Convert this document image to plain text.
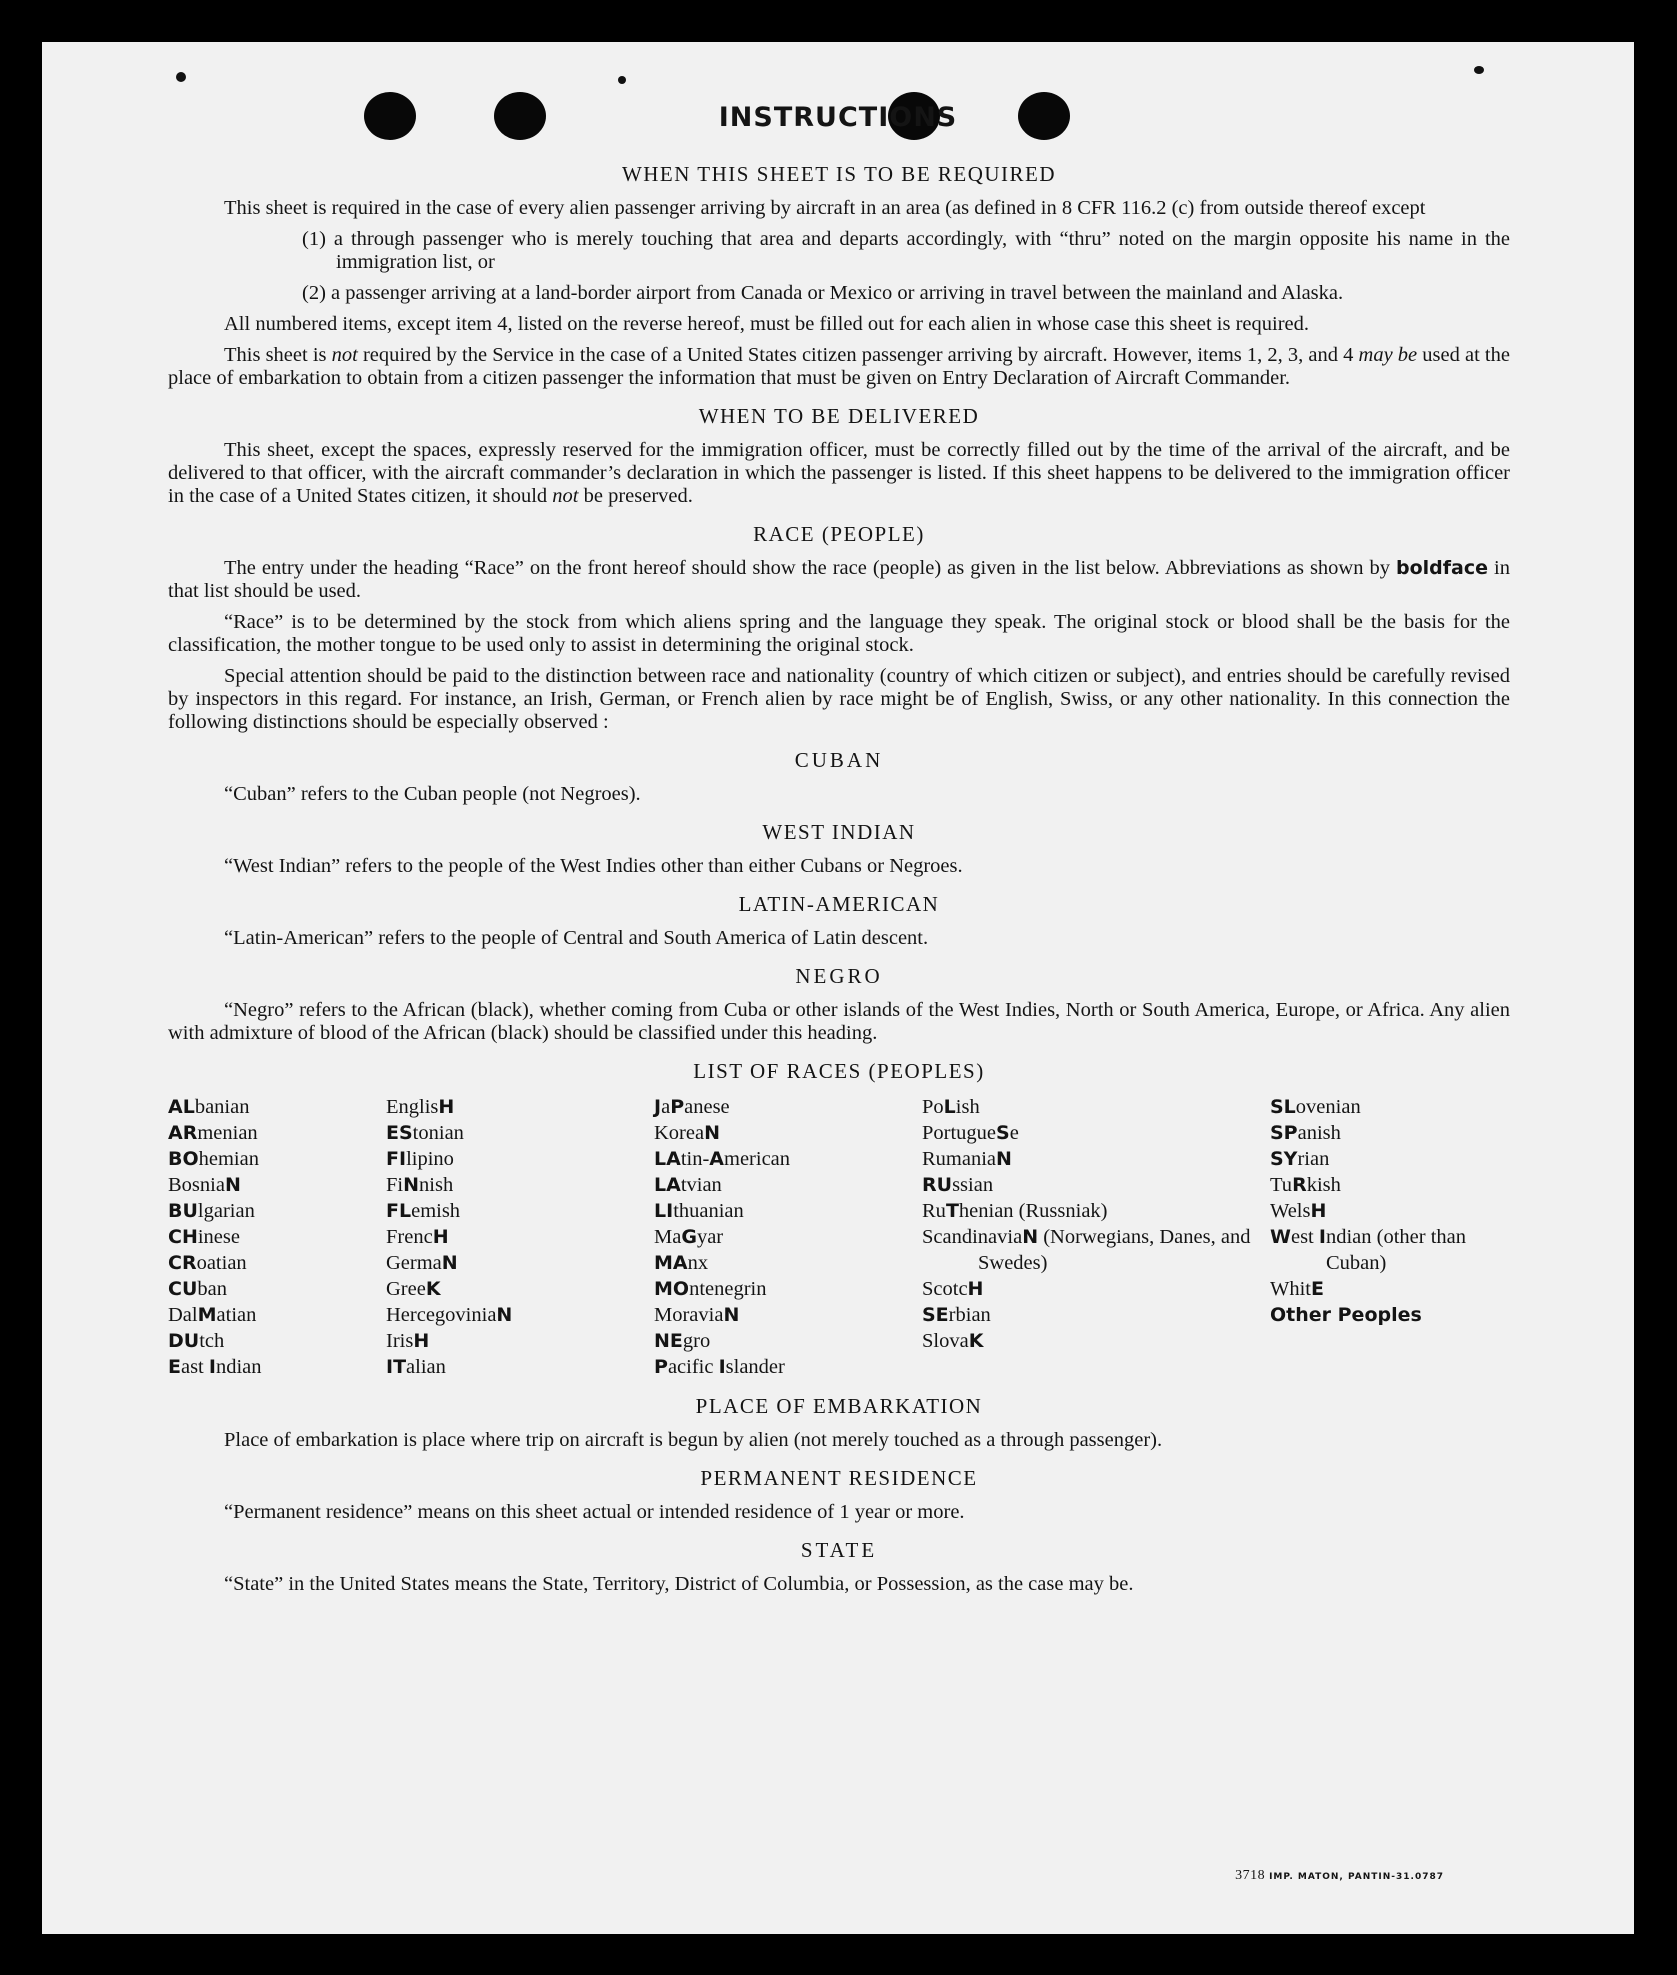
INSTRUCTIONS
WHEN THIS SHEET IS TO BE REQUIRED

This sheet is required in the case of every alien passenger arriving by aircraft in an area (as defined in 8 CFR 116.2 (c) from outside thereof except

(1) a through passenger who is merely touching that area and departs accordingly, with “thru” noted on the margin opposite his name in the immigration list, or

(2) a passenger arriving at a land-border airport from Canada or Mexico or arriving in travel between the mainland and Alaska.

All numbered items, except item 4, listed on the reverse hereof, must be filled out for each alien in whose case this sheet is required.

This sheet is not required by the Service in the case of a United States citizen passenger arriving by aircraft. However, items 1, 2, 3, and 4 may be used at the place of embarkation to obtain from a citizen passenger the information that must be given on Entry Declaration of Aircraft Commander.

WHEN TO BE DELIVERED

This sheet, except the spaces, expressly reserved for the immigration officer, must be correctly filled out by the time of the arrival of the aircraft, and be delivered to that officer, with the aircraft commander’s declaration in which the passenger is listed. If this sheet happens to be delivered to the immigration officer in the case of a United States citizen, it should not be preserved.

RACE (PEOPLE)

The entry under the heading “Race” on the front hereof should show the race (people) as given in the list below. Abbreviations as shown by boldface in that list should be used.

“Race” is to be determined by the stock from which aliens spring and the language they speak. The original stock or blood shall be the basis for the classification, the mother tongue to be used only to assist in determining the original stock.

Special attention should be paid to the distinction between race and nationality (country of which citizen or subject), and entries should be carefully revised by inspectors in this regard. For instance, an Irish, German, or French alien by race might be of English, Swiss, or any other nationality. In this connection the following distinctions should be especially observed :

CUBAN

“Cuban” refers to the Cuban people (not Negroes).

WEST INDIAN

“West Indian” refers to the people of the West Indies other than either Cubans or Negroes.

LATIN-AMERICAN

“Latin-American” refers to the people of Central and South America of Latin descent.

NEGRO

“Negro” refers to the African (black), whether coming from Cuba or other islands of the West Indies, North or South America, Europe, or Africa. Any alien with admixture of blood of the African (black) should be classified under this heading.

LIST OF RACES (PEOPLES)
ALbanian
ARmenian
BOhemian
BosniaN
BUlgarian
CHinese
CRoatian
CUban
DalMatian
DUtch
East Indian
EnglisH
EStonian
FIlipino
FiNnish
FLemish
FrencH
GermaN
GreeK
HercegoviniaN
IrisH
ITalian
JaPanese
KoreaN
LAtin-American
LAtvian
LIthuanian
MaGyar
MAnx
MOntenegrin
MoraviaN
NEgro
Pacific Islander
PoLish
PortugueSe
RumaniaN
RUssian
RuThenian (Russniak)
ScandinaviaN (Norwegians, Danes, and Swedes)
ScotcH
SErbian
SlovaK
SLovenian
SPanish
SYrian
TuRkish
WelsH
West Indian (other than Cuban)
WhitE
Other Peoples
PLACE OF EMBARKATION

Place of embarkation is place where trip on aircraft is begun by alien (not merely touched as a through passenger).

PERMANENT RESIDENCE

“Permanent residence” means on this sheet actual or intended residence of 1 year or more.

STATE

“State” in the United States means the State, Territory, District of Columbia, or Possession, as the case may be.

3718 IMP. MATON, PANTIN-31.0787
